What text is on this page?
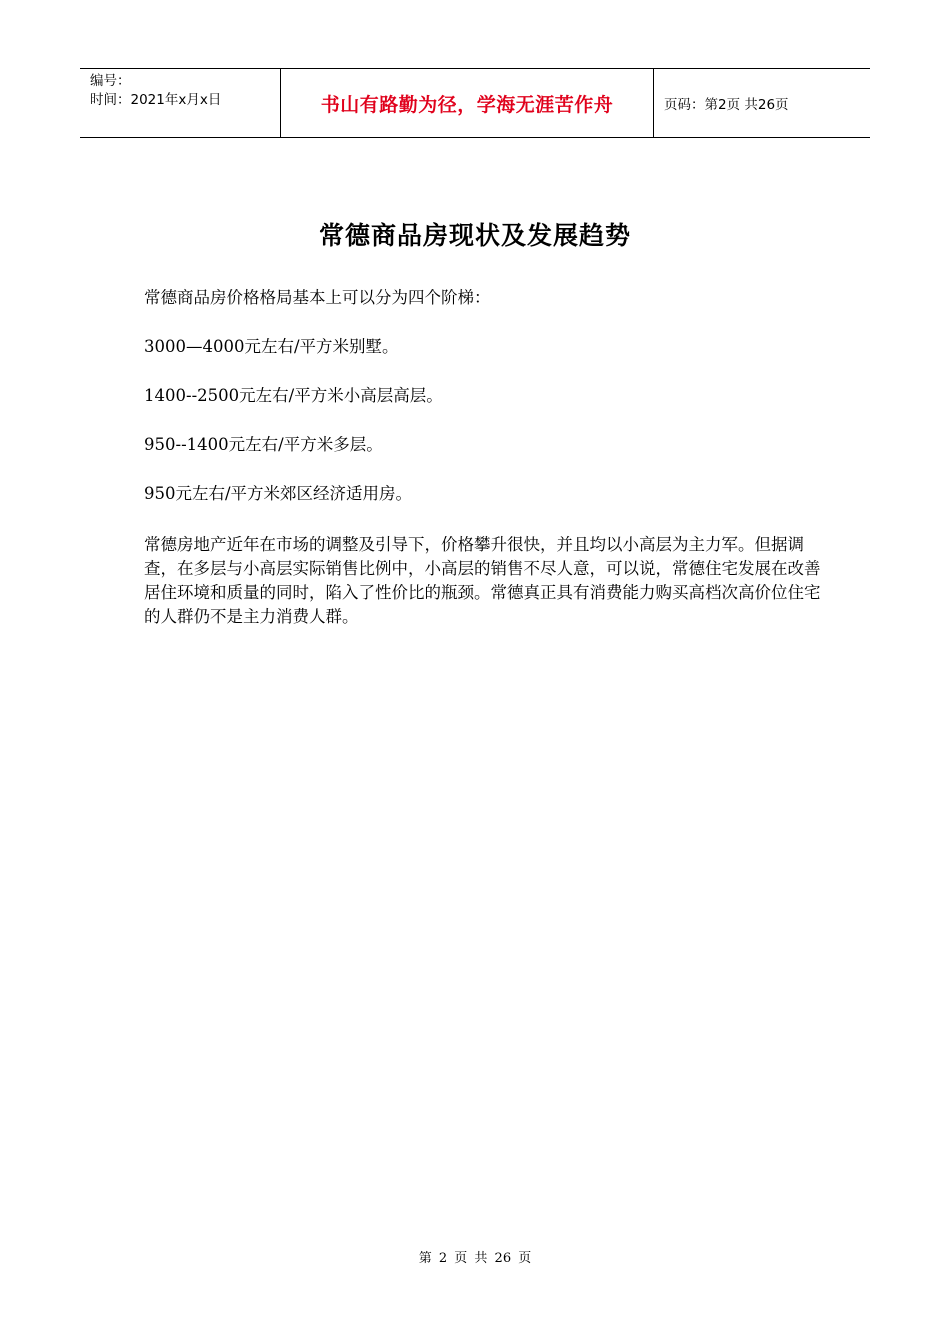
编号：
时间：2021年x月x日	书山有路勤为径，学海无涯苦作舟	页码：第2页 共26页
常德商品房现状及发展趋势

常德商品房价格格局基本上可以分为四个阶梯：

3000—4000元左右/平方米别墅。

1400--2500元左右/平方米小高层高层。

950--1400元左右/平方米多层。

950元左右/平方米郊区经济适用房。

常德房地产近年在市场的调整及引导下，价格攀升很快，并且均以小高层为主力军。但据调查，在多层与小高层实际销售比例中，小高层的销售不尽人意，可以说，常德住宅发展在改善居住环境和质量的同时，陷入了性价比的瓶颈。常德真正具有消费能力购买高档次高价位住宅的人群仍不是主力消费人群。

第 2 页 共 26 页
